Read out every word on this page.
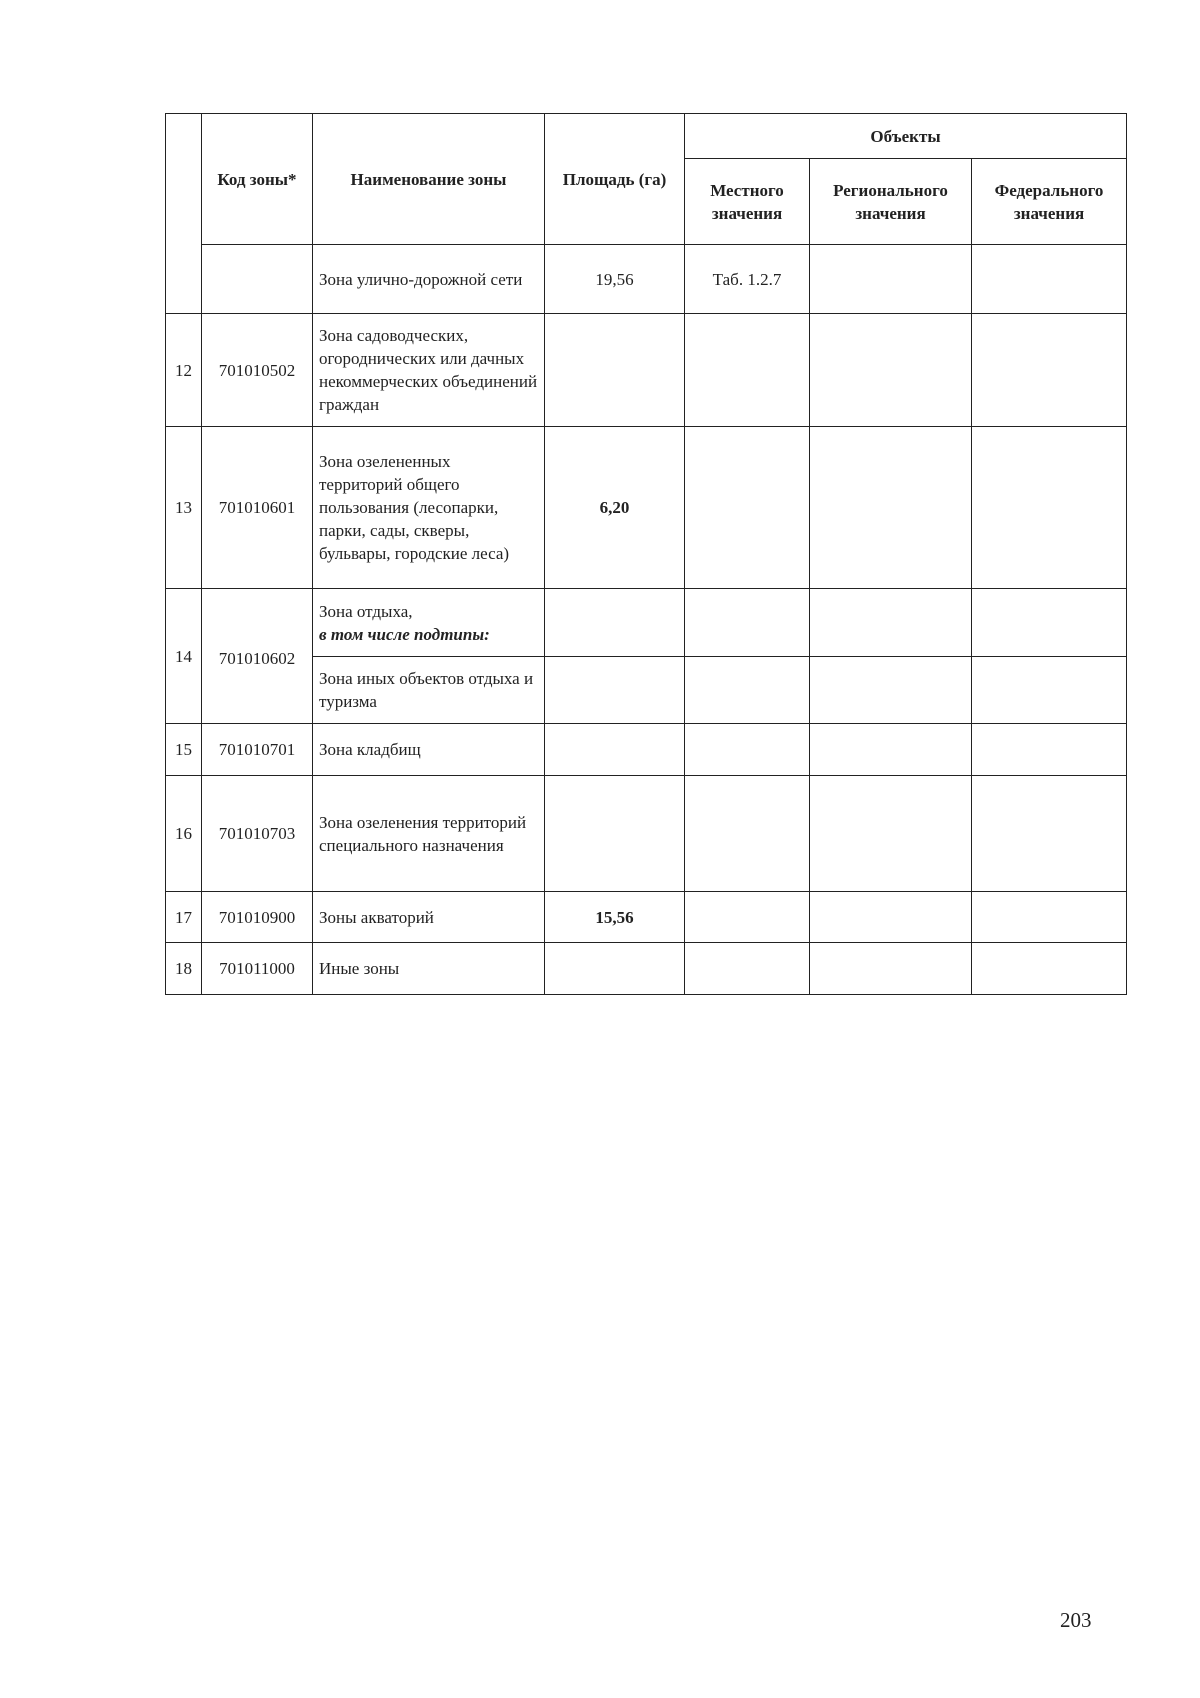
	Код зоны*	Наименование зоны	Площадь (га)	Объекты		
				Местного значения	Регионального значения	Федерального значения
		Зона улично-дорожной сети	19,56	Таб. 1.2.7		
12	701010502	Зона садоводческих, огороднических или дачных некоммерческих объединений граждан				
13	701010601	Зона озелененных территорий общего пользования (лесопарки, парки, сады, скверы, бульвары, городские леса)	6,20			
14	701010602	Зона отдыха,
в том числе подтипы:				

		Зона иных объектов отдыха и туризма				
15	701010701	Зона кладбищ				
16	701010703	Зона озеленения территорий специального назначения				
17	701010900	Зоны акваторий	15,56			
18	701011000	Иные зоны				
203
